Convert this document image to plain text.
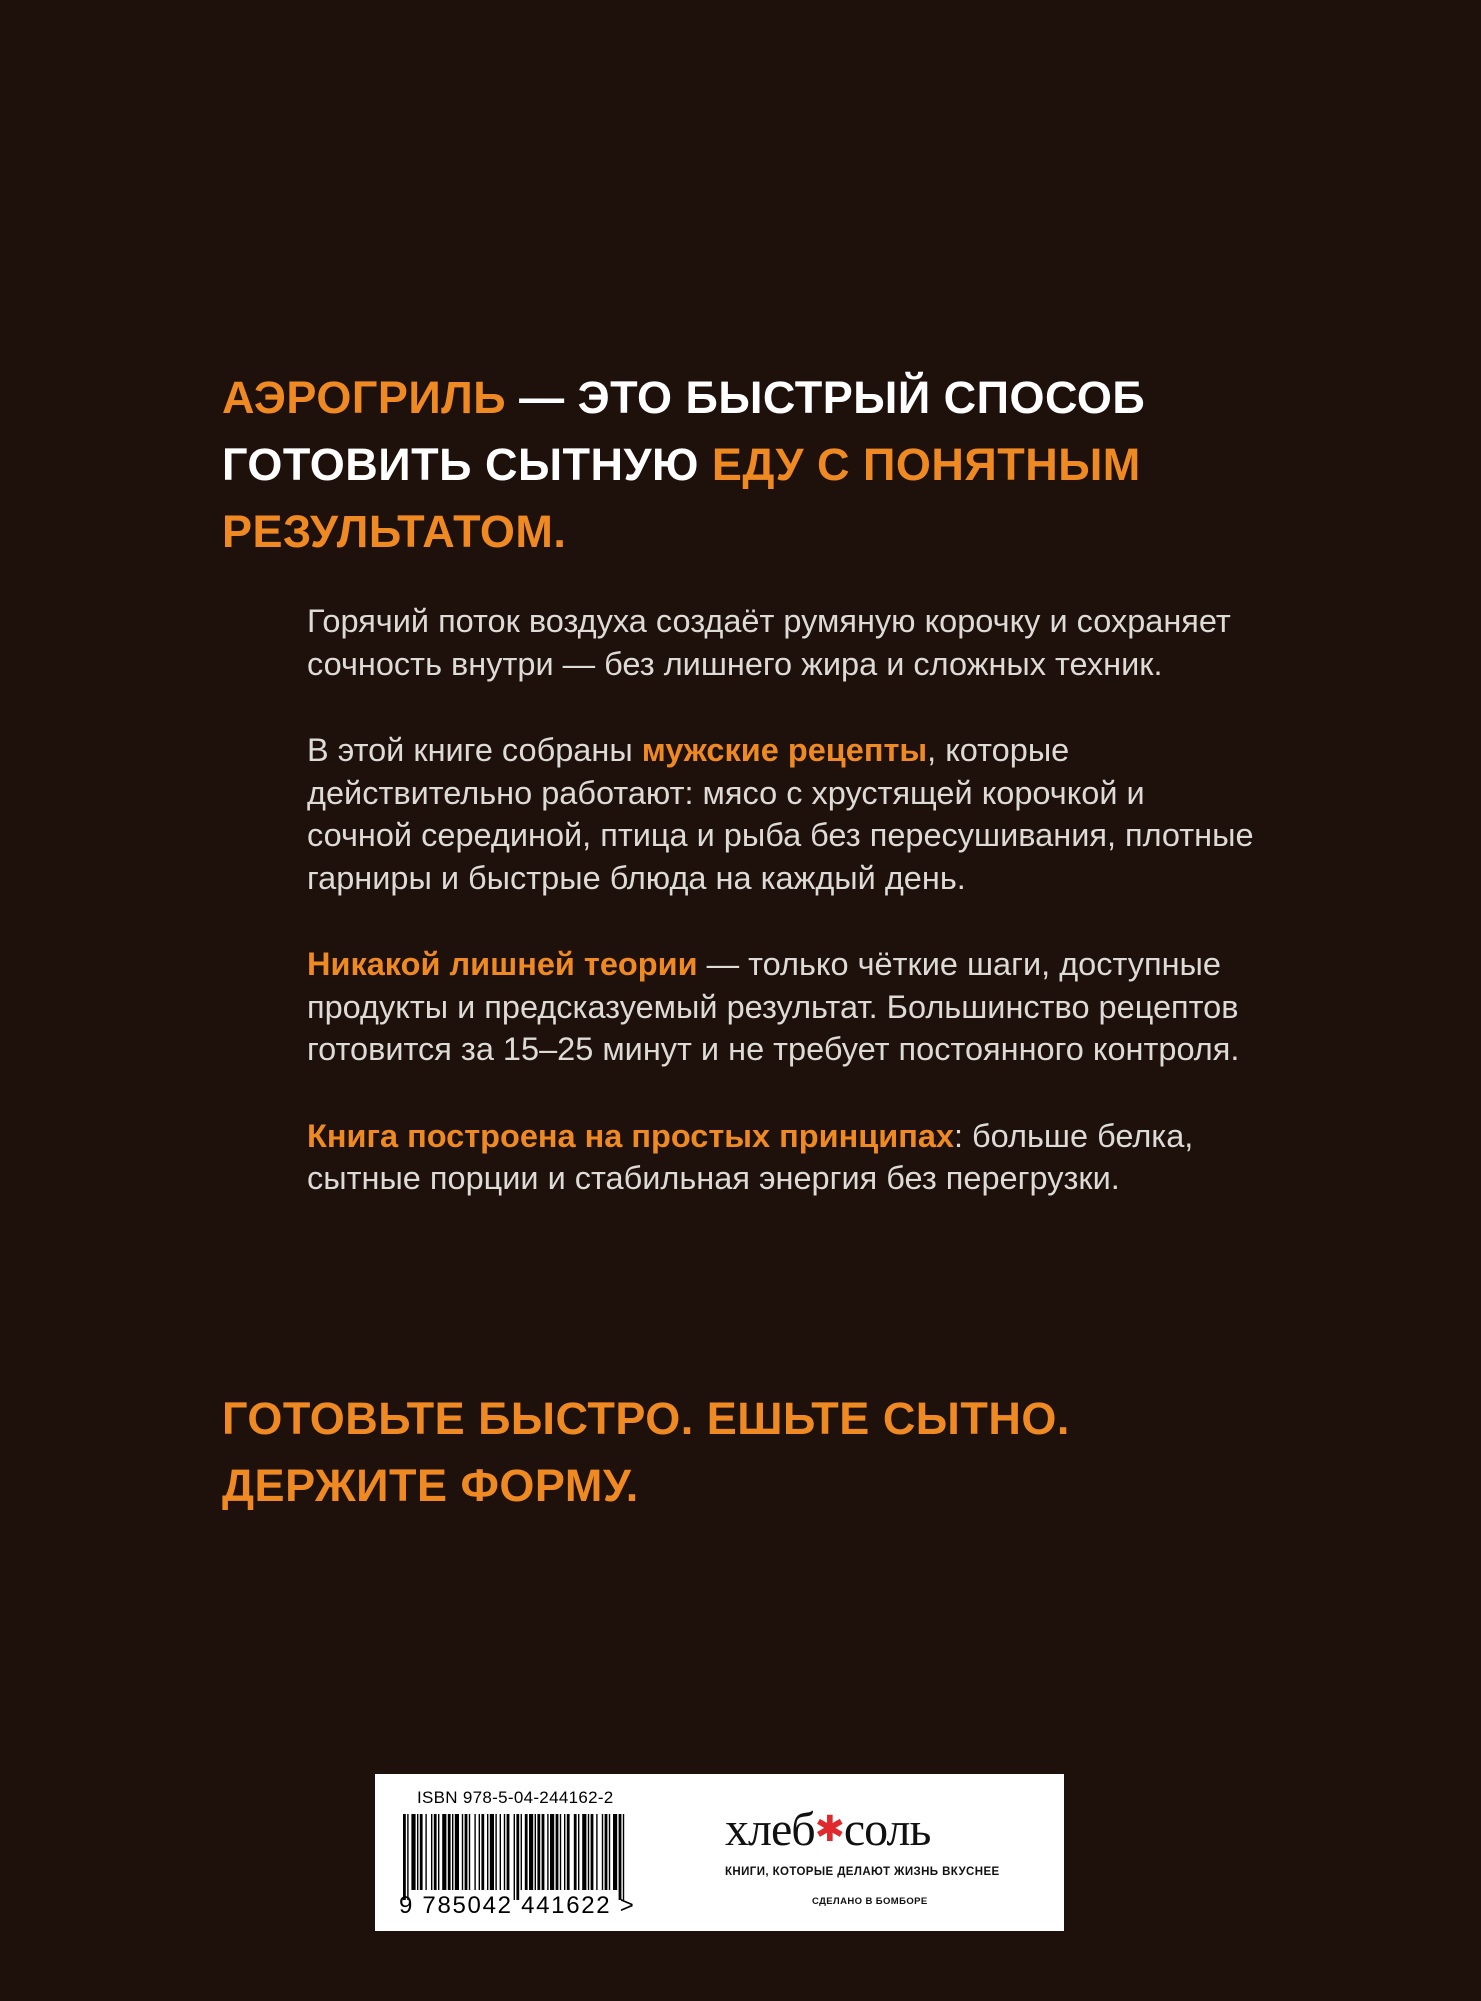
АЭРОГРИЛЬ — ЭТО БЫСТРЫЙ СПОСОБ ГОТОВИТЬ СЫТНУЮ ЕДУ С ПОНЯТНЫМ РЕЗУЛЬТАТОМ.

Горячий поток воздуха создаёт румяную корочку и сохраняет сочность внутри — без лишнего жира и сложных техник.

В этой книге собраны мужские рецепты, которые действительно работают: мясо с хрустящей корочкой и сочной серединой, птица и рыба без пересушивания, плотные гарниры и быстрые блюда на каждый день.

Никакой лишней теории — только чёткие шаги, доступные продукты и предсказуемый результат. Большинство рецептов готовится за 15–25 минут и не требует постоянного контроля.

Книга построена на простых принципах: больше белка, сытные порции и стабильная энергия без перегрузки.

ГОТОВЬТЕ БЫСТРО. ЕШЬТЕ СЫТНО.
ДЕРЖИТЕ ФОРМУ.
ISBN 978-5-04-244162-2
9 785042 441622 >
хлеб✱соль
КНИГИ, КОТОРЫЕ ДЕЛАЮТ ЖИЗНЬ ВКУСНЕЕ
СДЕЛАНО В БОМБОРЕ
